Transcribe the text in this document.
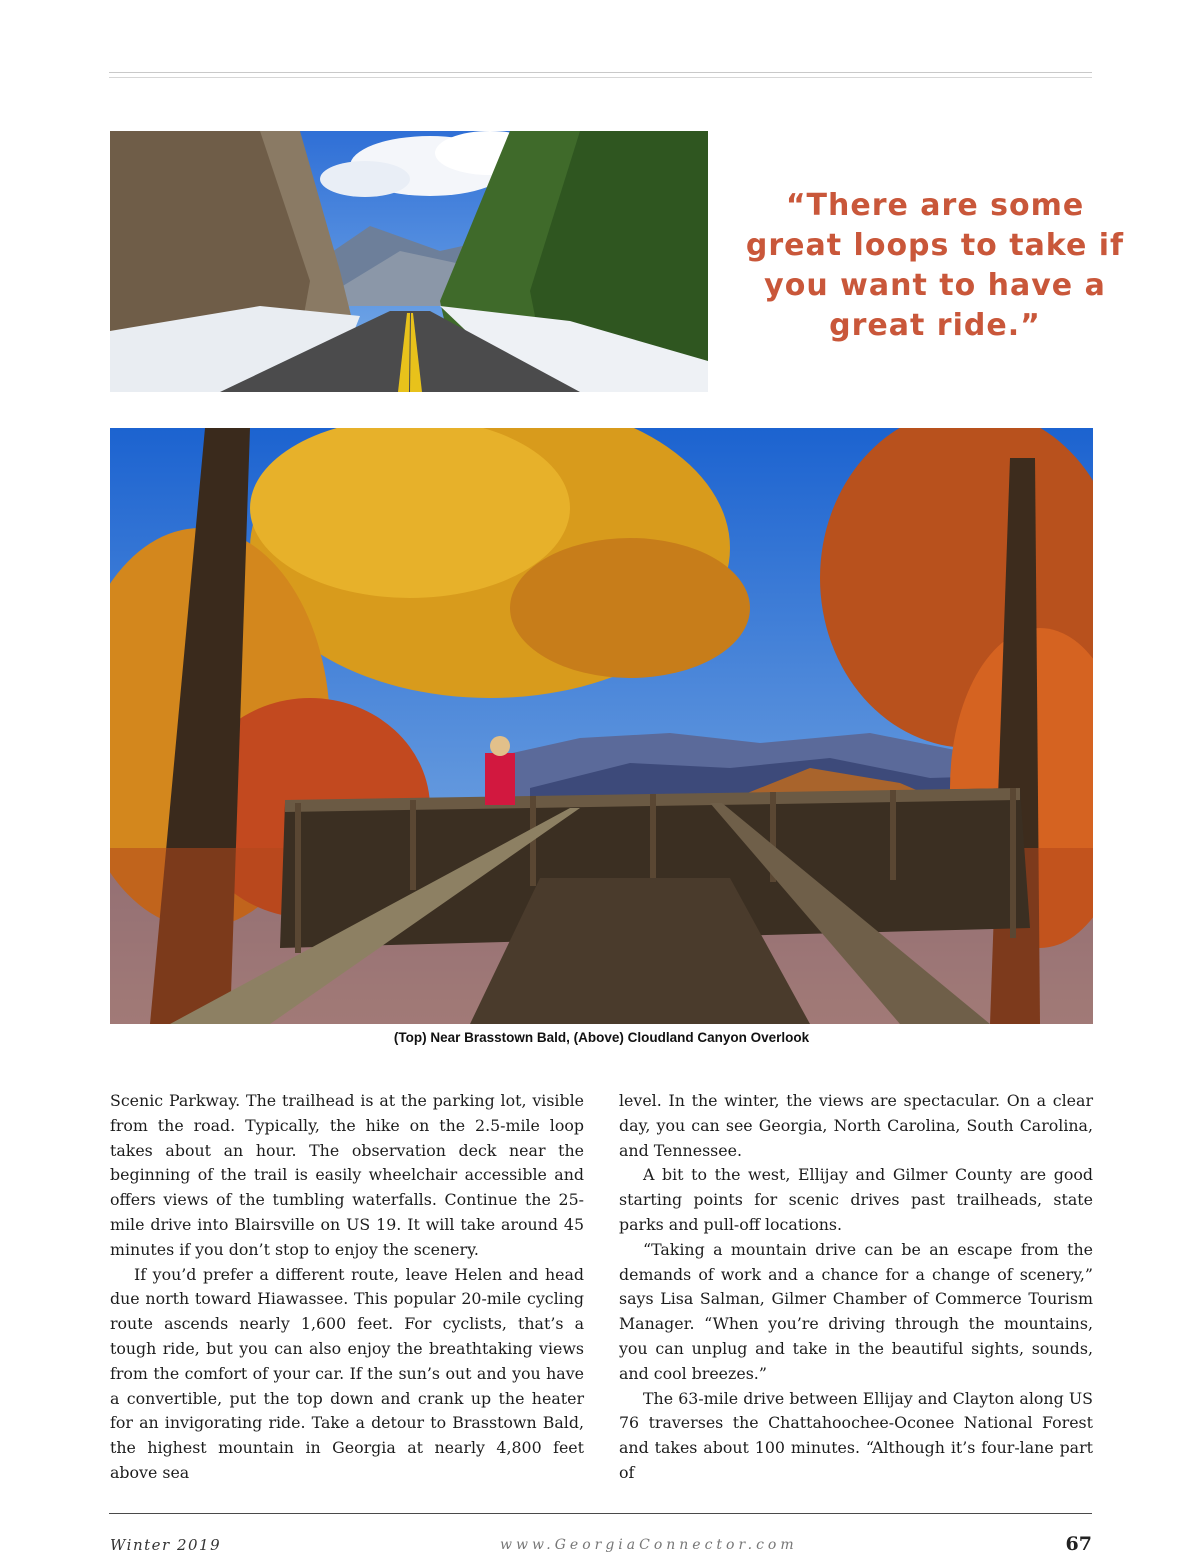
“There are some great loops to take if you want to have a great ride.”

(Top) Near Brasstown Bald, (Above) Cloudland Canyon Overlook

Scenic Parkway. The trailhead is at the parking lot, visible from the road. Typically, the hike on the 2.5-mile loop takes about an hour. The observation deck near the beginning of the trail is easily wheelchair accessible and offers views of the tumbling waterfalls. Continue the 25-mile drive into Blairsville on US 19. It will take around 45 minutes if you don’t stop to enjoy the scenery.

If you’d prefer a different route, leave Helen and head due north toward Hiawassee. This popular 20-mile cycling route ascends nearly 1,600 feet. For cyclists, that’s a tough ride, but you can also enjoy the breathtaking views from the comfort of your car. If the sun’s out and you have a convertible, put the top down and crank up the heater for an invigorating ride. Take a detour to Brasstown Bald, the highest mountain in Georgia at nearly 4,800 feet above sea

level. In the winter, the views are spectacular. On a clear day, you can see Georgia, North Carolina, South Carolina, and Tennessee.

A bit to the west, Ellijay and Gilmer County are good starting points for scenic drives past trailheads, state parks and pull-off locations.

“Taking a mountain drive can be an escape from the demands of work and a chance for a change of scenery,” says Lisa Salman, Gilmer Chamber of Commerce Tourism Manager. “When you’re driving through the mountains, you can unplug and take in the beautiful sights, sounds, and cool breezes.”

The 63-mile drive between Ellijay and Clayton along US 76 traverses the Chattahoochee-Oconee National Forest and takes about 100 minutes. “Although it’s four-lane part of

Winter 2019	www.GeorgiaConnector.com	67
